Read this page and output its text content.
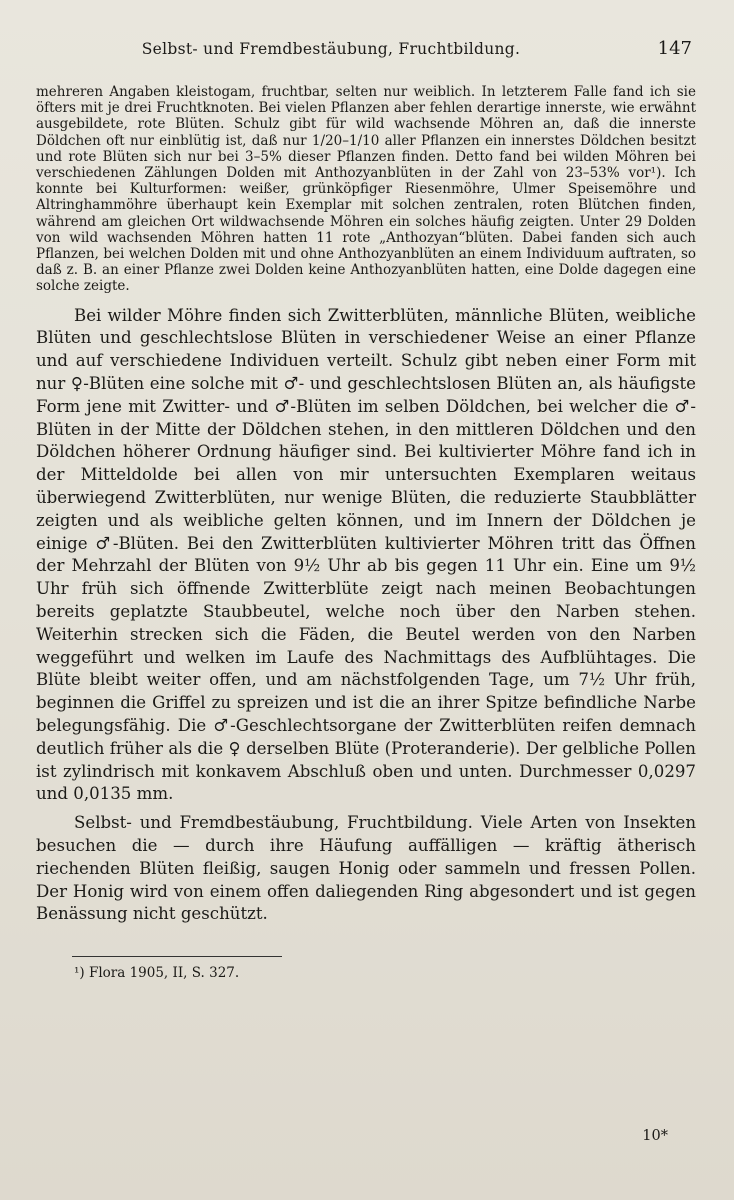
Selbst- und Fremdbestäubung, Fruchtbildung.	147

mehreren Angaben kleistogam, fruchtbar, selten nur weiblich. In letzterem Falle fand ich sie öfters mit je drei Fruchtknoten. Bei vielen Pflanzen aber fehlen derartige innerste, wie erwähnt ausgebildete, rote Blüten. Schulz gibt für wild wachsende Möhren an, daß die innerste Döldchen oft nur einblütig ist, daß nur 1/20–1/10 aller Pflanzen ein innerstes Döldchen besitzt und rote Blüten sich nur bei 3–5% dieser Pflanzen finden. Detto fand bei wilden Möhren bei verschiedenen Zählungen Dolden mit Anthozyanblüten in der Zahl von 23–53% vor¹). Ich konnte bei Kulturformen: weißer, grünköpfiger Riesenmöhre, Ulmer Speisemöhre und Altringhammöhre überhaupt kein Exemplar mit solchen zentralen, roten Blütchen finden, während am gleichen Ort wildwachsende Möhren ein solches häufig zeigten. Unter 29 Dolden von wild wachsenden Möhren hatten 11 rote „Anthozyan“blüten. Dabei fanden sich auch Pflanzen, bei welchen Dolden mit und ohne Anthozyanblüten an einem Individuum auftraten, so daß z. B. an einer Pflanze zwei Dolden keine Anthozyanblüten hatten, eine Dolde dagegen eine solche zeigte.

Bei wilder Möhre finden sich Zwitterblüten, männliche Blüten, weibliche Blüten und geschlechtslose Blüten in verschiedener Weise an einer Pflanze und auf verschiedene Individuen verteilt. Schulz gibt neben einer Form mit nur ♀-Blüten eine solche mit ♂- und geschlechtslosen Blüten an, als häufigste Form jene mit Zwitter- und ♂-Blüten im selben Döldchen, bei welcher die ♂-Blüten in der Mitte der Döldchen stehen, in den mittleren Döldchen und den Döldchen höherer Ordnung häufiger sind. Bei kultivierter Möhre fand ich in der Mitteldolde bei allen von mir untersuchten Exemplaren weitaus überwiegend Zwitterblüten, nur wenige Blüten, die reduzierte Staubblätter zeigten und als weibliche gelten können, und im Innern der Döldchen je einige ♂-Blüten. Bei den Zwitterblüten kultivierter Möhren tritt das Öffnen der Mehrzahl der Blüten von 9½ Uhr ab bis gegen 11 Uhr ein. Eine um 9½ Uhr früh sich öffnende Zwitterblüte zeigt nach meinen Beobachtungen bereits geplatzte Staubbeutel, welche noch über den Narben stehen. Weiterhin strecken sich die Fäden, die Beutel werden von den Narben weggeführt und welken im Laufe des Nachmittags des Aufblühtages. Die Blüte bleibt weiter offen, und am nächstfolgenden Tage, um 7½ Uhr früh, beginnen die Griffel zu spreizen und ist die an ihrer Spitze befindliche Narbe belegungsfähig. Die ♂-Geschlechtsorgane der Zwitterblüten reifen demnach deutlich früher als die ♀ derselben Blüte (Proteranderie). Der gelbliche Pollen ist zylindrisch mit konkavem Abschluß oben und unten. Durchmesser 0,0297 und 0,0135 mm.

Selbst- und Fremdbestäubung, Fruchtbildung. Viele Arten von Insekten besuchen die — durch ihre Häufung auffälligen — kräftig ätherisch riechenden Blüten fleißig, saugen Honig oder sammeln und fressen Pollen. Der Honig wird von einem offen daliegenden Ring abgesondert und ist gegen Benässung nicht geschützt.

¹) Flora 1905, II, S. 327.
10*
